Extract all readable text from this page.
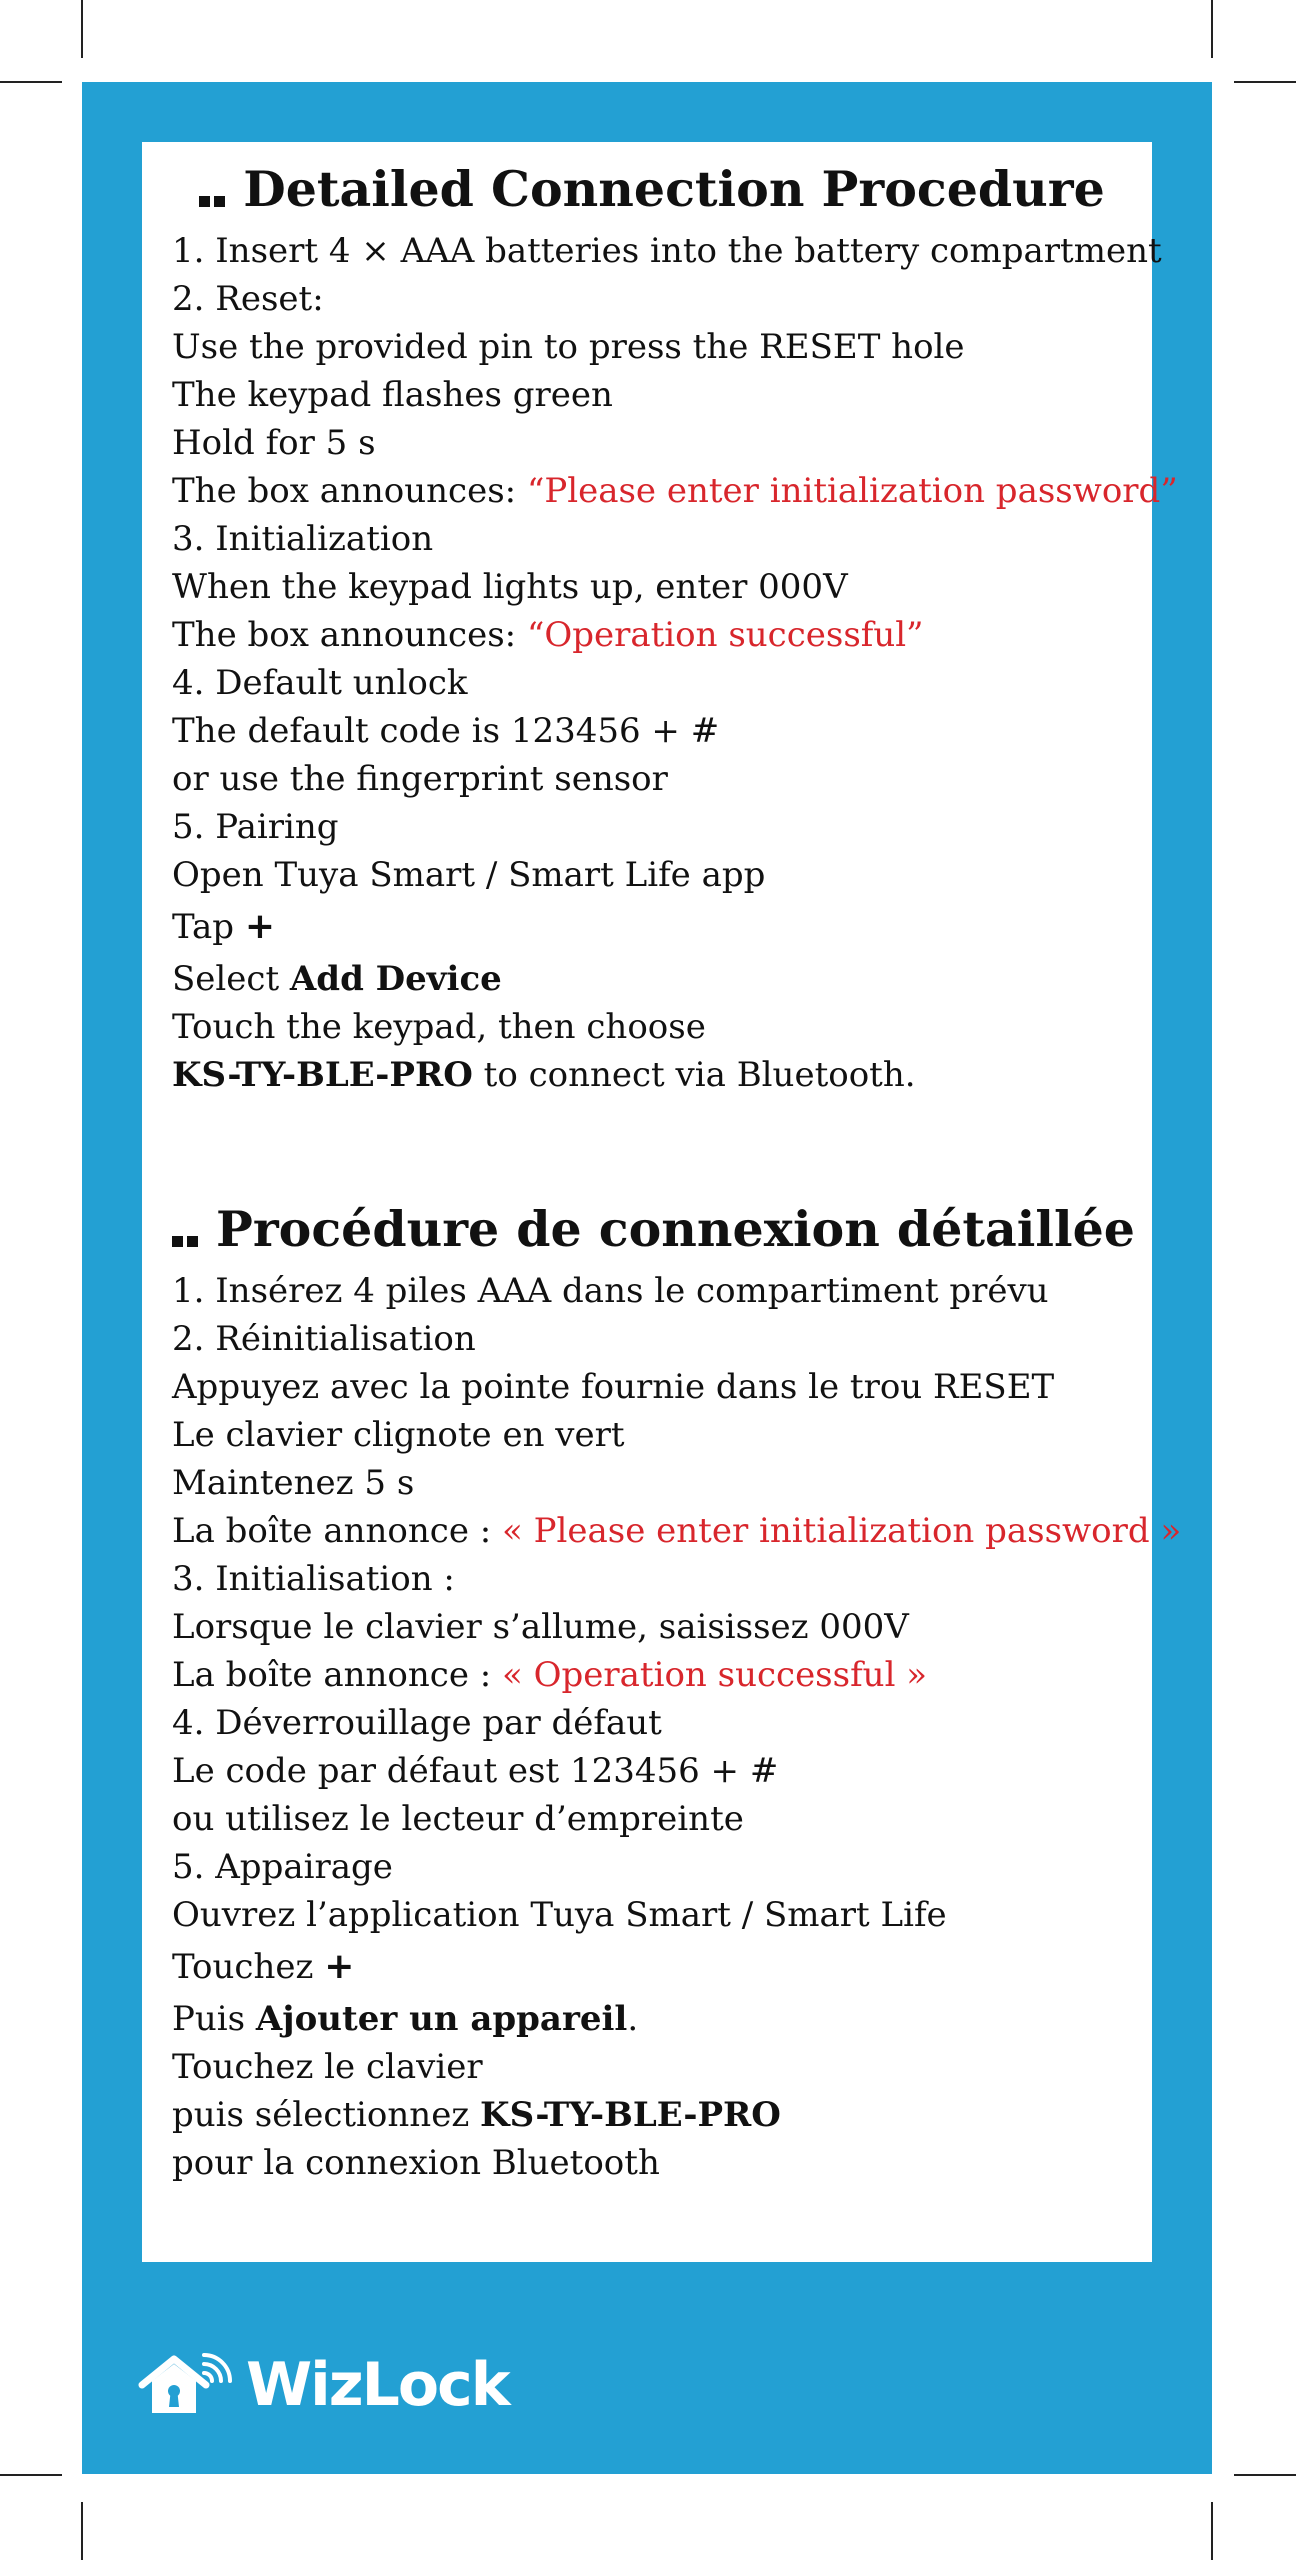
Detailed Connection Procedure
1. Insert 4 × AAA batteries into the battery compartment
2. Reset:
Use the provided pin to press the RESET hole
The keypad flashes green
Hold for 5 s
The box announces: “Please enter initialization password”
3. Initialization
When the keypad lights up, enter 000V
The box announces: “Operation successful”
4. Default unlock
The default code is 123456 + #
or use the fingerprint sensor
5. Pairing
Open Tuya Smart / Smart Life app
Tap +
Select Add Device
Touch the keypad, then choose
KS-TY-BLE-PRO to connect via Bluetooth.
Procédure de connexion détaillée
1. Insérez 4 piles AAA dans le compartiment prévu
2. Réinitialisation
Appuyez avec la pointe fournie dans le trou RESET
Le clavier clignote en vert
Maintenez 5 s
La boîte annonce : « Please enter initialization password »
3. Initialisation :
Lorsque le clavier s’allume, saisissez 000V
La boîte annonce : « Operation successful »
4. Déverrouillage par défaut
Le code par défaut est 123456 + #
ou utilisez le lecteur d’empreinte
5. Appairage
Ouvrez l’application Tuya Smart / Smart Life
Touchez +
Puis Ajouter un appareil.
Touchez le clavier
puis sélectionnez KS-TY-BLE-PRO
pour la connexion Bluetooth
WizLock
